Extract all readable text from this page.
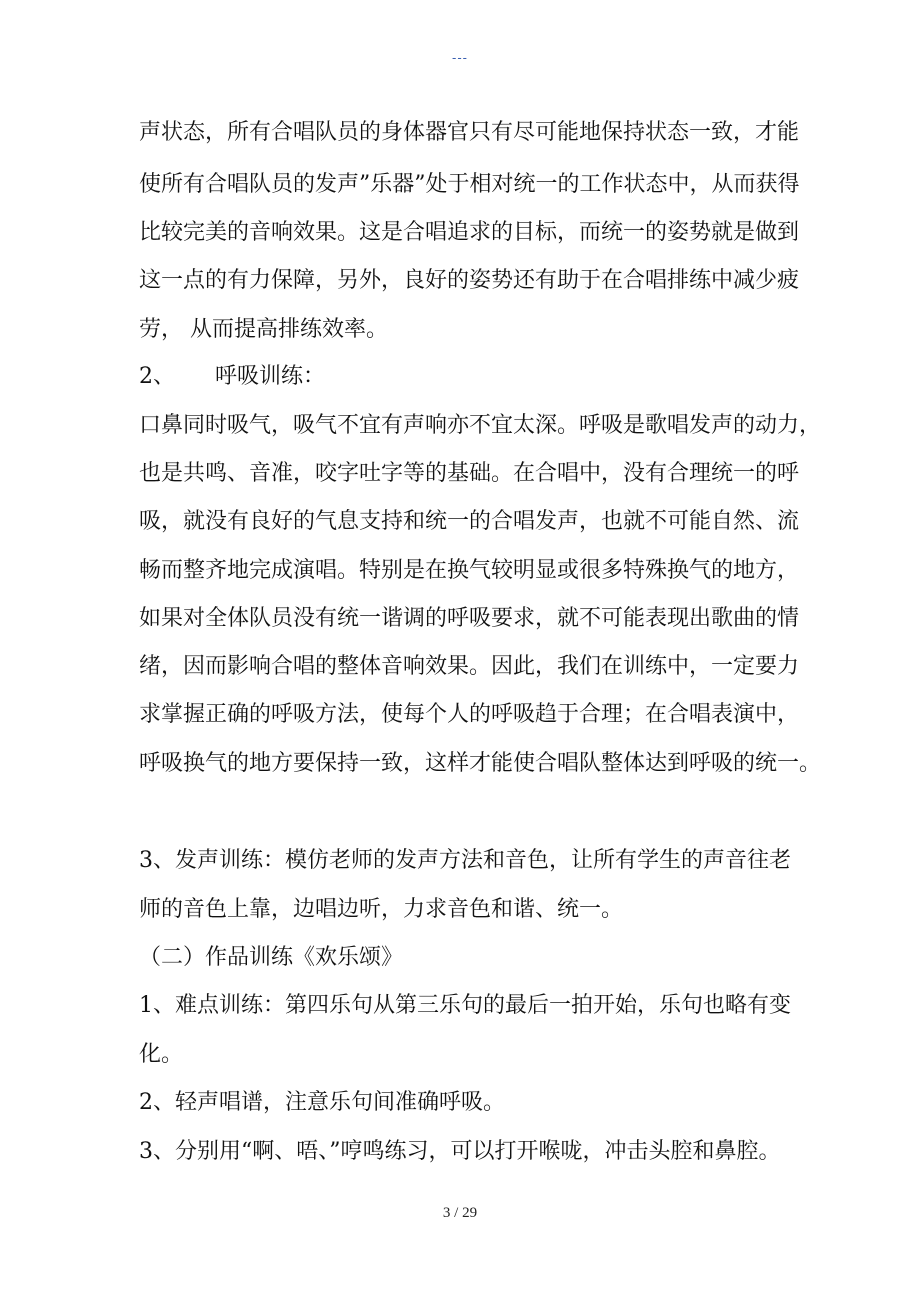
---
声状态，所有合唱队员的身体器官只有尽可能地保持状态一致，才能
使所有合唱队员的发声”乐器”处于相对统一的工作状态中，从而获得
比较完美的音响效果。这是合唱追求的目标，而统一的姿势就是做到
这一点的有力保障，另外，良好的姿势还有助于在合唱排练中减少疲
劳， 从而提高排练效率。
2、 呼吸训练：
口鼻同时吸气，吸气不宜有声响亦不宜太深。呼吸是歌唱发声的动力，
也是共鸣、音准，咬字吐字等的基础。在合唱中，没有合理统一的呼
吸，就没有良好的气息支持和统一的合唱发声，也就不可能自然、流
畅而整齐地完成演唱。特别是在换气较明显或很多特殊换气的地方，
如果对全体队员没有统一谐调的呼吸要求，就不可能表现出歌曲的情
绪，因而影响合唱的整体音响效果。因此，我们在训练中，一定要力
求掌握正确的呼吸方法，使每个人的呼吸趋于合理；在合唱表演中，
呼吸换气的地方要保持一致，这样才能使合唱队整体达到呼吸的统一。
3、发声训练：模仿老师的发声方法和音色，让所有学生的声音往老
师的音色上靠，边唱边听，力求音色和谐、统一。
（二）作品训练《欢乐颂》
1、难点训练：第四乐句从第三乐句的最后一拍开始，乐句也略有变
化。
2、轻声唱谱，注意乐句间准确呼吸。
3、分别用“啊、唔、”哼鸣练习，可以打开喉咙，冲击头腔和鼻腔。
3 / 29
